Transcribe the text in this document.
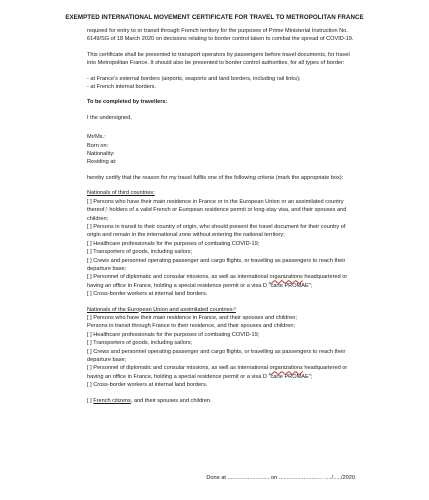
EXEMPTED INTERNATIONAL MOVEMENT CERTIFICATE FOR TRAVEL TO METROPOLITAN FRANCE

required for entry to or transit through French territory for the purposes of Prime Ministerial Instruction No. 6149/SG of 18 March 2020 on decisions relating to border control taken to combat the spread of COVID-19.

This certificate shall be presented to transport operators by passengers before travel documents, for travel into Metropolitan France. It should also be presented to border control authorities, for all types of border:

- at France's external borders (airports, seaports and land borders, including rail links);

- at French internal borders.

To be completed by travellers:

I the undersigned,

Mr/Ms.:

Born on:

Nationality:

Residing at:

hereby certify that the reason for my travel fulfils one of the following criteria (mark the appropriate box):

Nationals of third countries:

[ ] Persons who have their main residence in France or in the European Union or an assimilated country thereof,¹ holders of a valid French or European residence permit or long-stay visa, and their spouses and children;

[ ] Persons in transit to their country of origin, who should present the travel document for their country of origin and remain in the international zone without entering the national territory;

[ ] Healthcare professionals for the purposes of combating COVID-19;

[ ] Transporters of goods, including sailors;

[ ] Crews and personnel operating passenger and cargo flights, or travelling as passengers to reach their departure base;

[ ] Personnel of diplomatic and consular missions, as well as international organizations headquartered or having an office in France, holding a special residence permit or a visa D "carte PROMAE";

[ ] Cross-border workers at internal land borders.

Nationals of the European Union and assimilated countries:²

[ ] Persons who have their main residence in France, and their spouses and children;

Persons in transit through France to their residence, and their spouses and children;

[ ] Healthcare professionals for the purposes of combating COVID-19;

[ ] Transporters of goods, including sailors;

[ ] Crews and personnel operating passenger and cargo flights, or travelling as passengers to reach their departure base;

[ ] Personnel of diplomatic and consular missions, as well as international organizations headquartered or having an office in France, holding a special residence permit or a visa D "carte PROMAE";

[ ] Cross-border workers at internal land borders.

[ ] French citizens, and their spouses and children.

Done at ........................... on ............................ ...../...../2020
